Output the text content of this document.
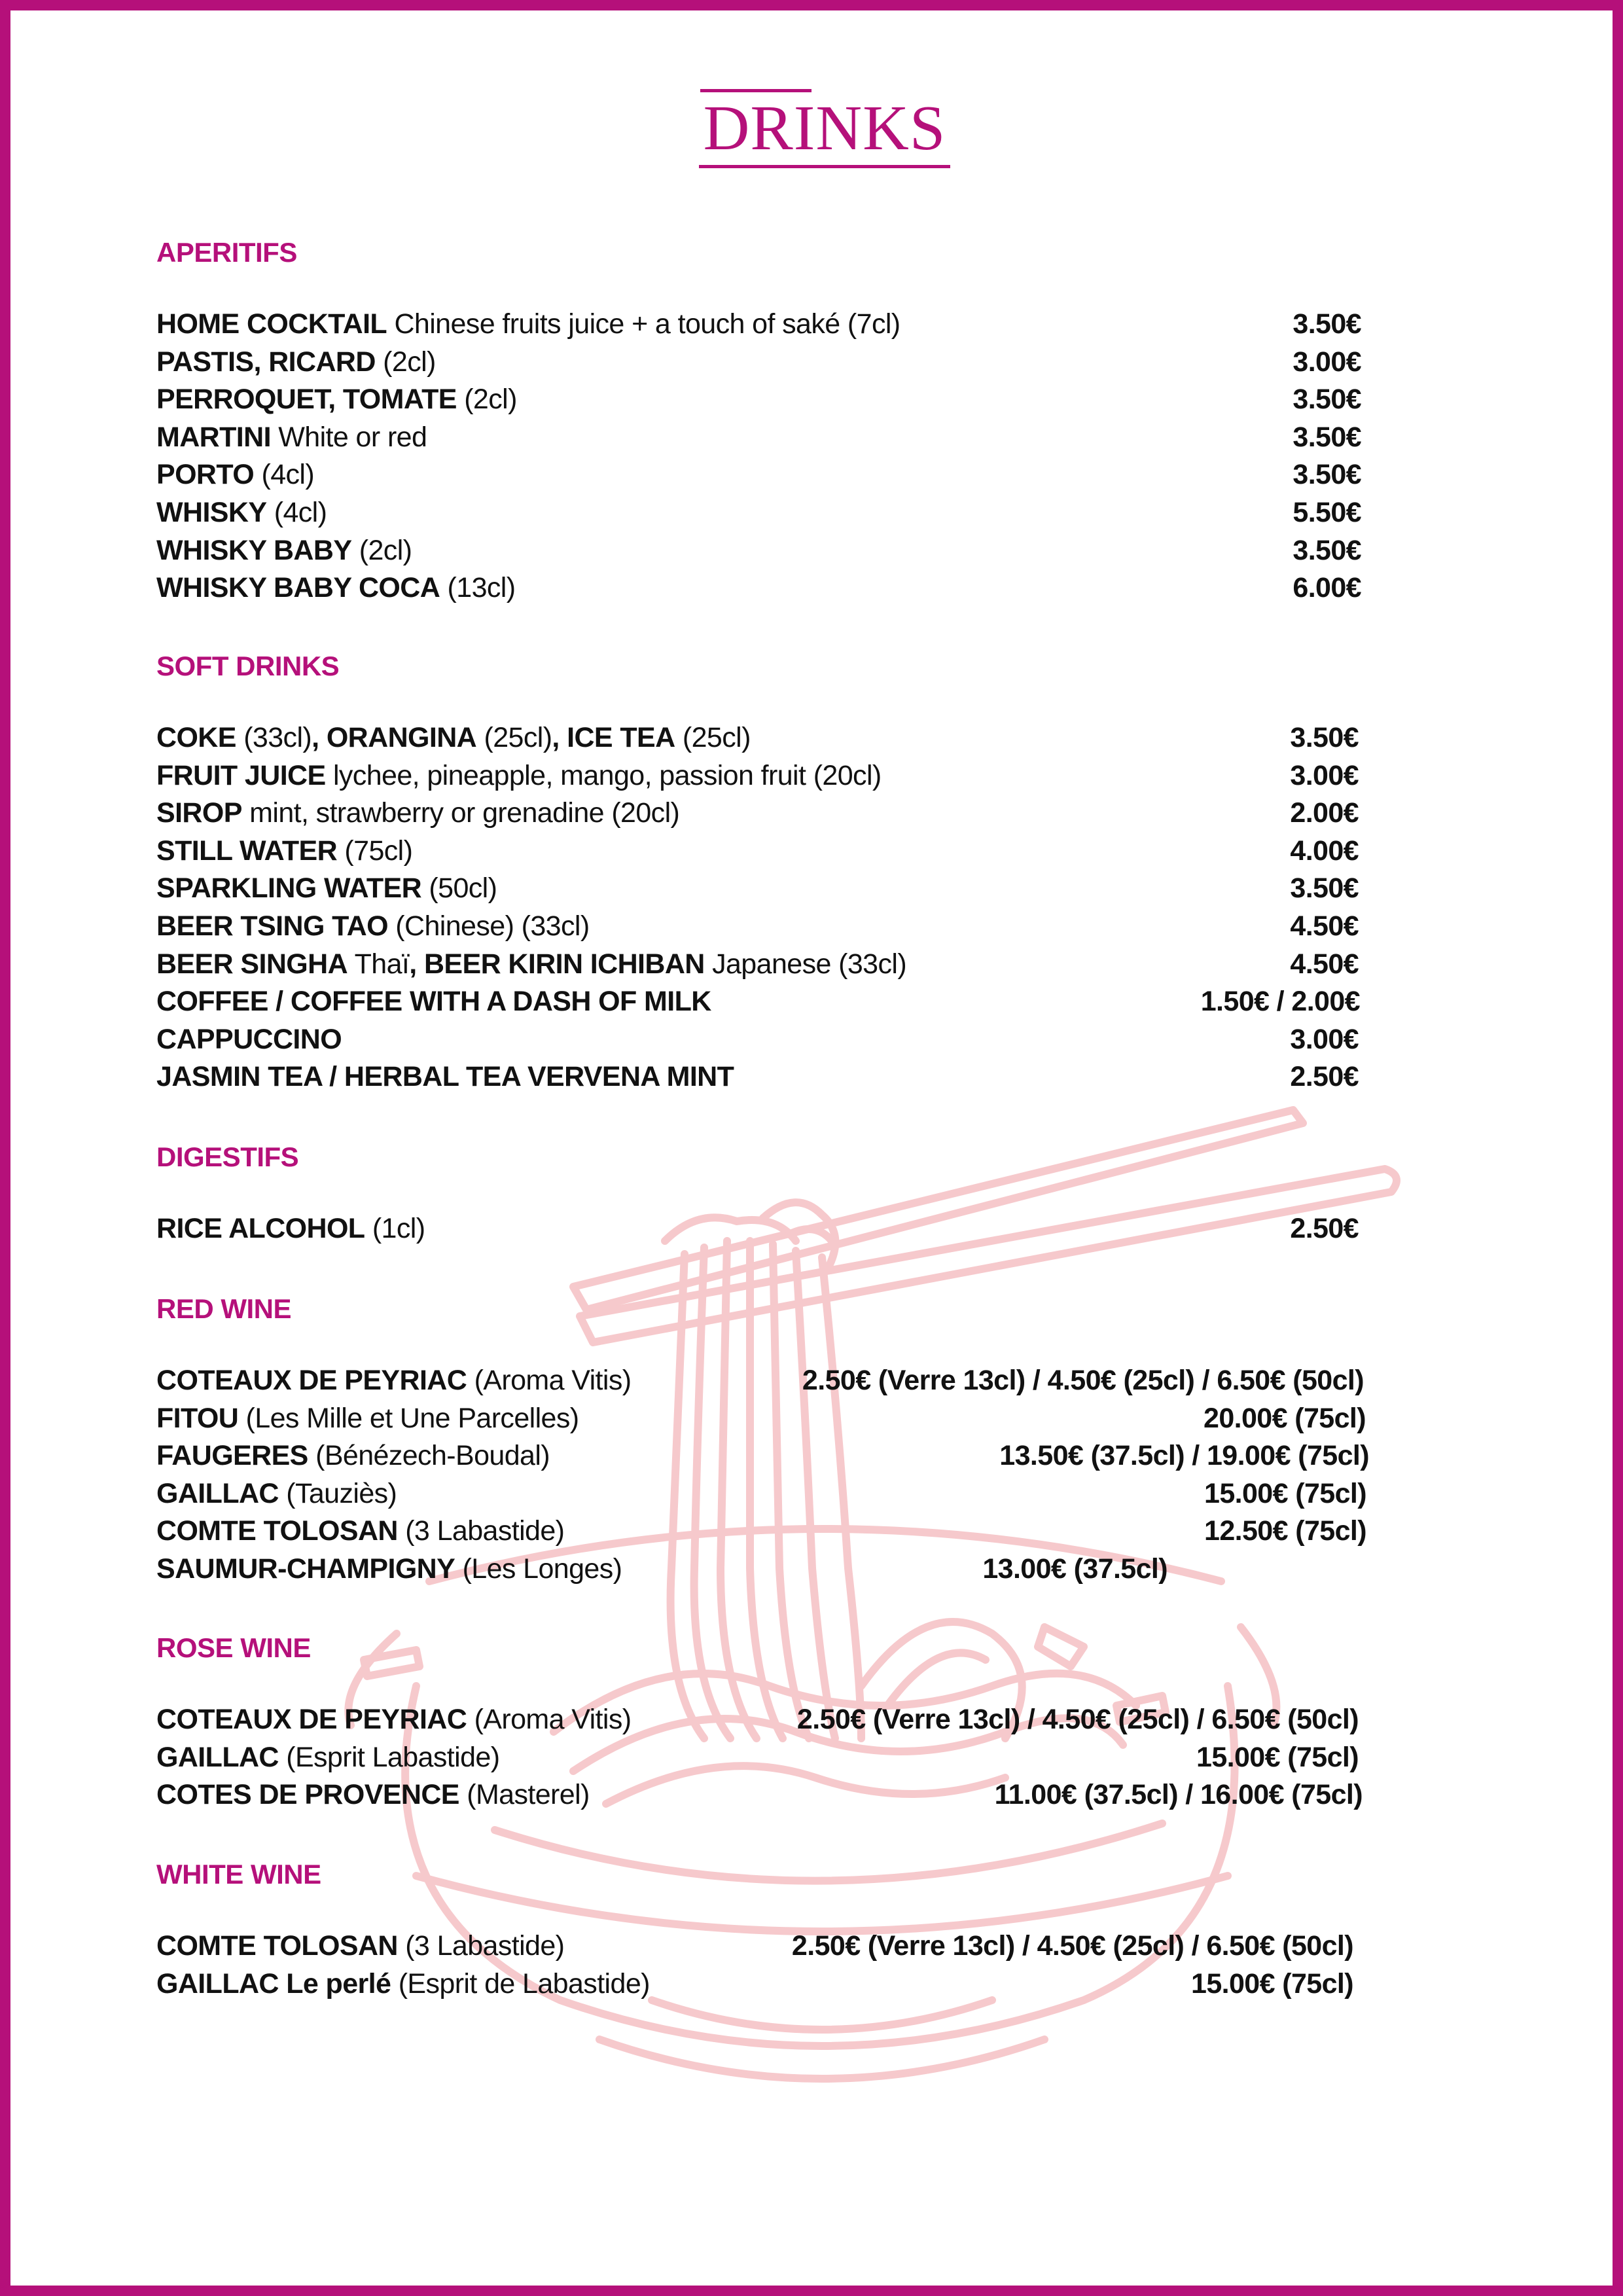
DRINKS
APERITIFS
HOME COCKTAIL Chinese fruits juice + a touch of saké (7cl)	3.50€
PASTIS, RICARD (2cl)	3.00€
PERROQUET, TOMATE (2cl)	3.50€
MARTINI White or red	3.50€
PORTO (4cl)	3.50€
WHISKY (4cl)	5.50€
WHISKY BABY (2cl)	3.50€
WHISKY BABY COCA (13cl)	6.00€
SOFT DRINKS
COKE (33cl), ORANGINA (25cl), ICE TEA (25cl)	3.50€
FRUIT JUICE lychee, pineapple, mango, passion fruit (20cl)	3.00€
SIROP mint, strawberry or grenadine (20cl)	2.00€
STILL WATER (75cl)	4.00€
SPARKLING WATER (50cl)	3.50€
BEER TSING TAO (Chinese) (33cl)	4.50€
BEER SINGHA Thaï, BEER KIRIN ICHIBAN Japanese (33cl)	4.50€
COFFEE / COFFEE WITH A DASH OF MILK	1.50€ / 2.00€
CAPPUCCINO	3.00€
JASMIN TEA / HERBAL TEA VERVENA MINT	2.50€
DIGESTIFS
RICE ALCOHOL (1cl)	2.50€
RED WINE
COTEAUX DE PEYRIAC (Aroma Vitis)	2.50€ (Verre 13cl) / 4.50€ (25cl) / 6.50€ (50cl)
FITOU (Les Mille et Une Parcelles)	20.00€ (75cl)
FAUGERES (Bénézech-Boudal)	13.50€ (37.5cl) / 19.00€ (75cl)
GAILLAC (Tauziès)	15.00€ (75cl)
COMTE TOLOSAN (3 Labastide)	12.50€ (75cl)
SAUMUR-CHAMPIGNY (Les Longes)	13.00€ (37.5cl)
ROSE WINE
COTEAUX DE PEYRIAC (Aroma Vitis)	2.50€ (Verre 13cl) / 4.50€ (25cl) / 6.50€ (50cl)
GAILLAC (Esprit Labastide)	15.00€ (75cl)
COTES DE PROVENCE (Masterel)	11.00€ (37.5cl) / 16.00€ (75cl)
WHITE WINE
COMTE TOLOSAN (3 Labastide)	2.50€ (Verre 13cl) / 4.50€ (25cl) / 6.50€ (50cl)
GAILLAC Le perlé (Esprit de Labastide)	15.00€ (75cl)
